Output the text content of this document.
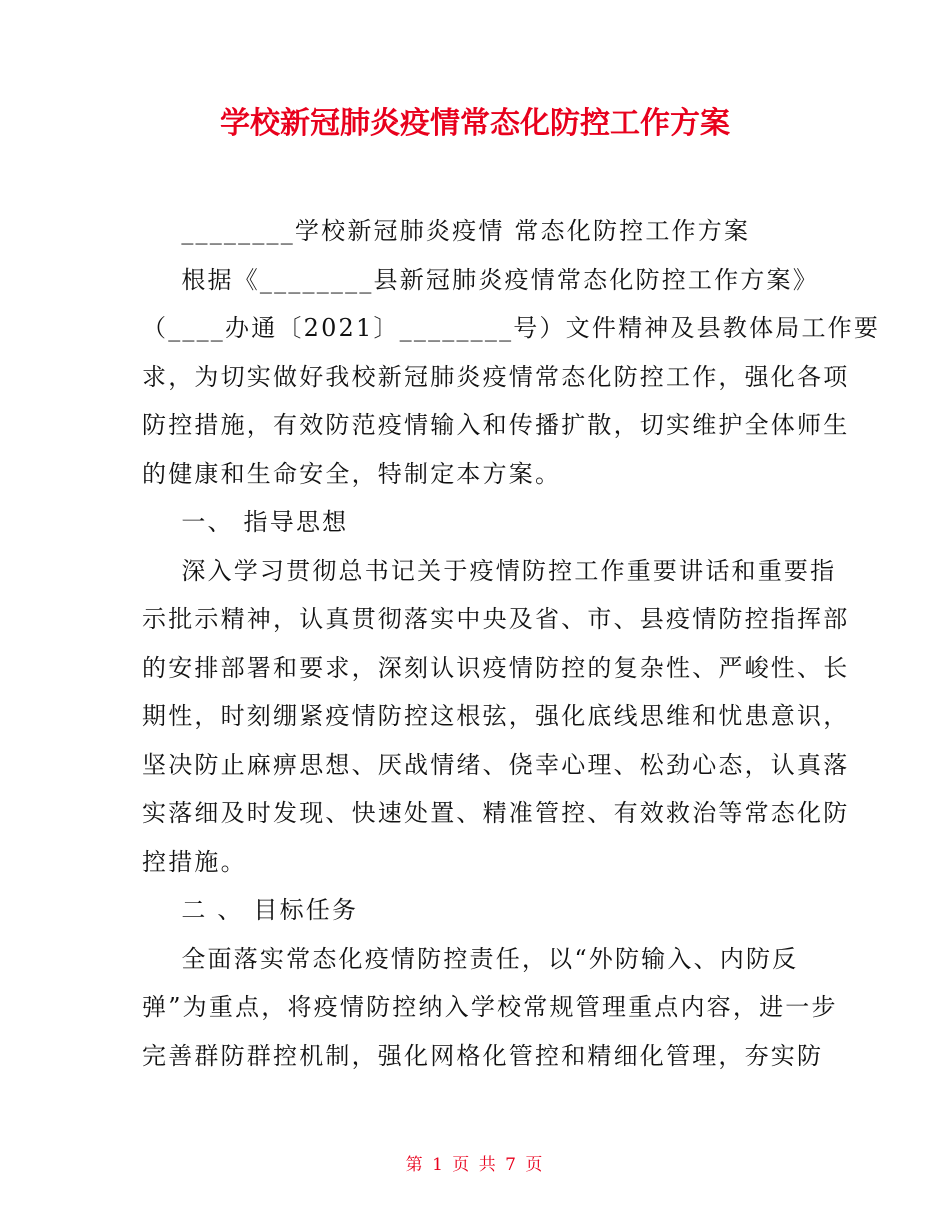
学校新冠肺炎疫情常态化防控工作方案
________学校新冠肺炎疫情 常态化防控工作方案
根据《________县新冠肺炎疫情常态化防控工作方案》
（____办通〔2021〕________号）文件精神及县教体局工作要
求，为切实做好我校新冠肺炎疫情常态化防控工作，强化各项
防控措施，有效防范疫情输入和传播扩散，切实维护全体师生
的健康和生命安全，特制定本方案。
一、 指导思想
深入学习贯彻总书记关于疫情防控工作重要讲话和重要指
示批示精神，认真贯彻落实中央及省、市、县疫情防控指挥部
的安排部署和要求，深刻认识疫情防控的复杂性、严峻性、长
期性，时刻绷紧疫情防控这根弦，强化底线思维和忧患意识，
坚决防止麻痹思想、厌战情绪、侥幸心理、松劲心态，认真落
实落细及时发现、快速处置、精准管控、有效救治等常态化防
控措施。
二 、 目标任务
全面落实常态化疫情防控责任，以“外防输入、内防反
弹”为重点，将疫情防控纳入学校常规管理重点内容，进一步
完善群防群控机制，强化网格化管控和精细化管理，夯实防
第 1 页 共 7 页
